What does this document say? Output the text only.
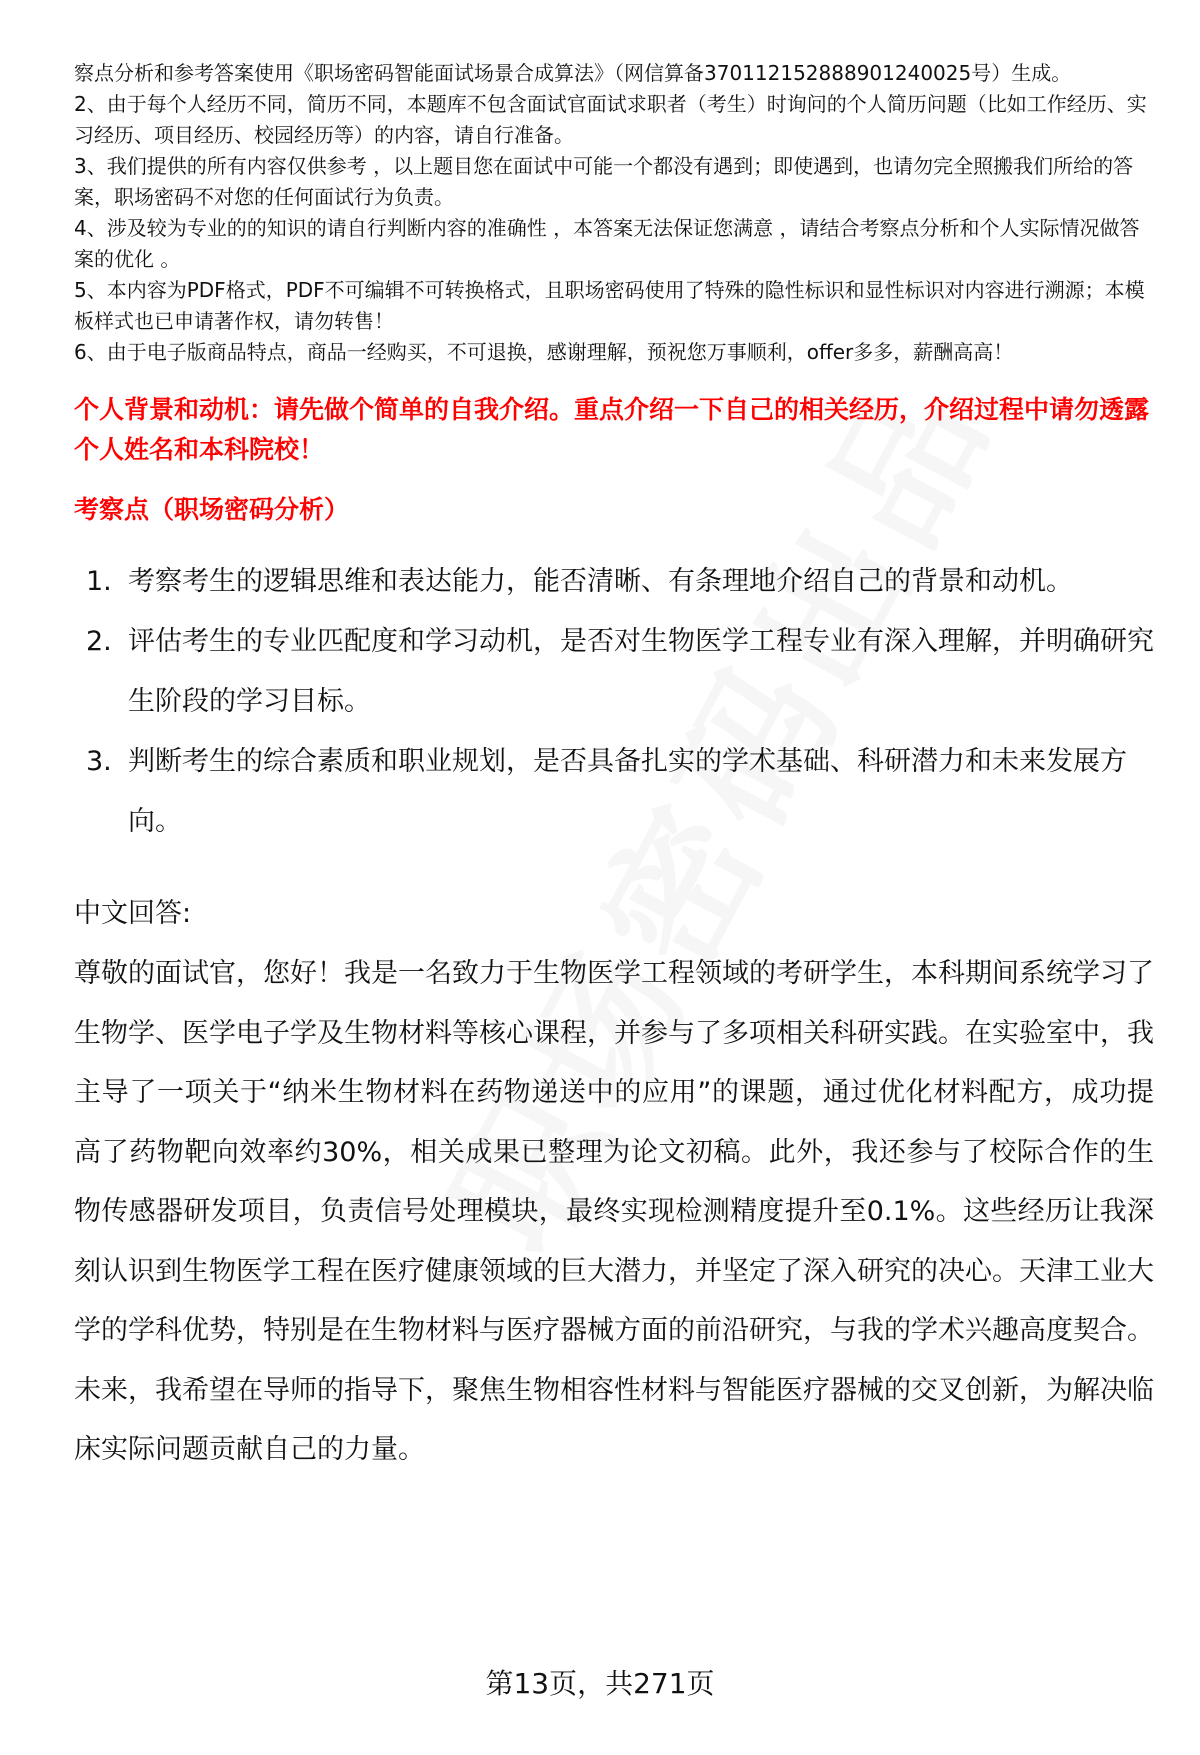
察点分析和参考答案使用《职场密码智能面试场景合成算法》（网信算备370112152888901240025号）生成。

2、由于每个人经历不同，简历不同，本题库不包含面试官面试求职者（考生）时询问的个人简历问题（比如工作经历、实习经历、项目经历、校园经历等）的内容，请自行准备。

3、我们提供的所有内容仅供参考 ，以上题目您在面试中可能一个都没有遇到；即使遇到，也请勿完全照搬我们所给的答案，职场密码不对您的任何面试行为负责。

4、涉及较为专业的的知识的请自行判断内容的准确性 ，本答案无法保证您满意 ，请结合考察点分析和个人实际情况做答案的优化 。

5、本内容为PDF格式，PDF不可编辑不可转换格式，且职场密码使用了特殊的隐性标识和显性标识对内容进行溯源；本模板样式也已申请著作权，请勿转售！

6、由于电子版商品特点，商品一经购买，不可退换，感谢理解，预祝您万事顺利，offer多多，薪酬高高！

个人背景和动机：请先做个简单的自我介绍。重点介绍一下自己的相关经历，介绍过程中请勿透露个人姓名和本科院校！
考察点（职场密码分析）
1. 考察考生的逻辑思维和表达能力，能否清晰、有条理地介绍自己的背景和动机。
2. 评估考生的专业匹配度和学习动机，是否对生物医学工程专业有深入理解，并明确研究生阶段的学习目标。
3. 判断考生的综合素质和职业规划，是否具备扎实的学术基础、科研潜力和未来发展方向。
中文回答:

尊敬的面试官，您好！我是一名致力于生物医学工程领域的考研学生，本科期间系统学习了生物学、医学电子学及生物材料等核心课程，并参与了多项相关科研实践。在实验室中，我主导了一项关于“纳米生物材料在药物递送中的应用”的课题，通过优化材料配方，成功提高了药物靶向效率约30%，相关成果已整理为论文初稿。此外，我还参与了校际合作的生物传感器研发项目，负责信号处理模块，最终实现检测精度提升至0.1%。这些经历让我深刻认识到生物医学工程在医疗健康领域的巨大潜力，并坚定了深入研究的决心。天津工业大学的学科优势，特别是在生物材料与医疗器械方面的前沿研究，与我的学术兴趣高度契合。未来，我希望在导师的指导下，聚焦生物相容性材料与智能医疗器械的交叉创新，为解决临床实际问题贡献自己的力量。

第13页，共271页
